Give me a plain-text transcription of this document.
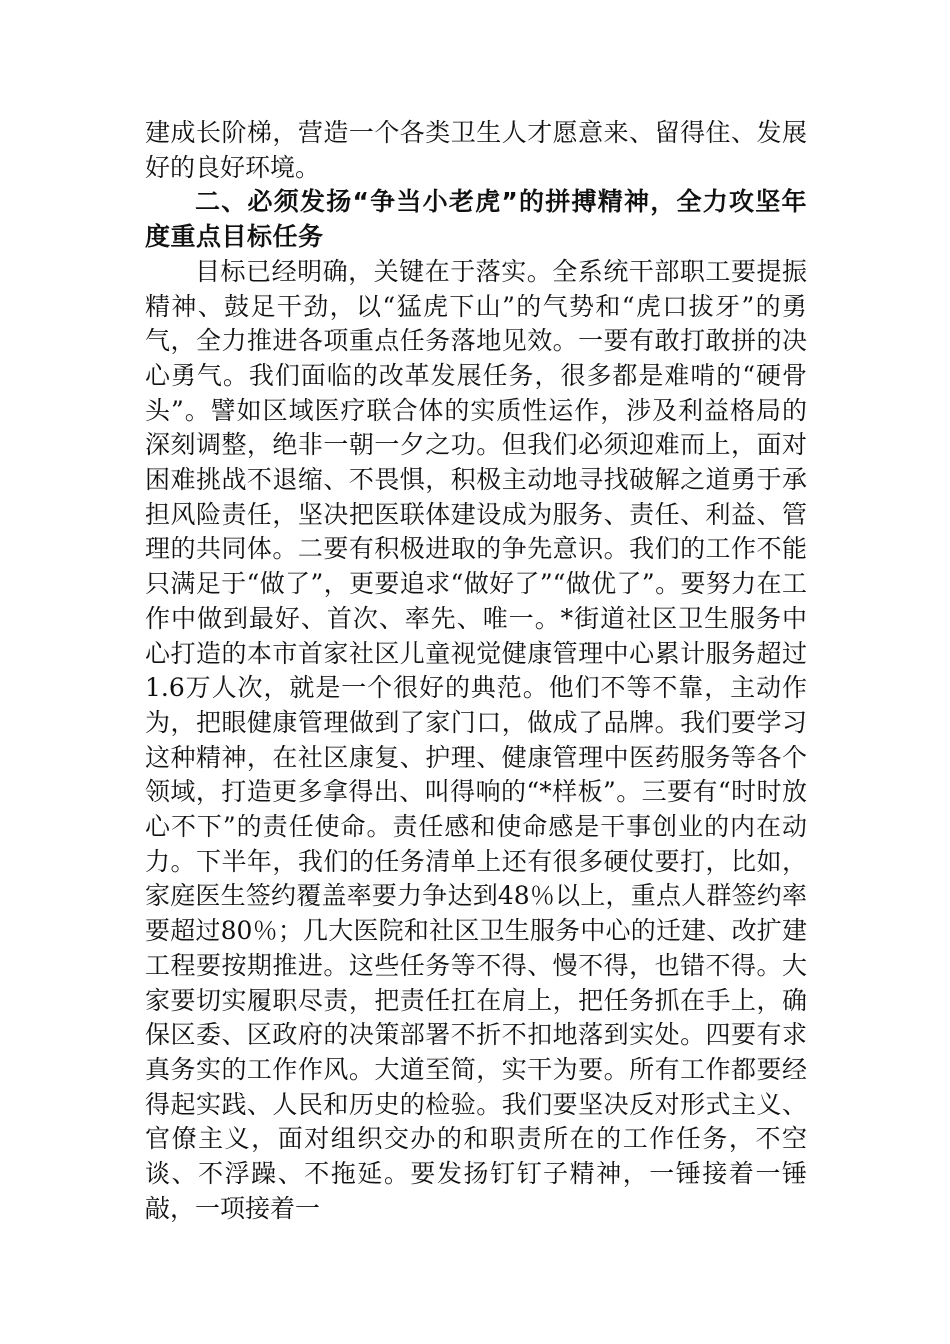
建成长阶梯，营造一个各类卫生人才愿意来、留得住、发展好的良好环境。

二、必须发扬“争当小老虎”的拼搏精神，全力攻坚年度重点目标任务

目标已经明确，关键在于落实。全系统干部职工要提振精神、鼓足干劲，以“猛虎下山”的气势和“虎口拔牙”的勇气，全力推进各项重点任务落地见效。一要有敢打敢拼的决心勇气。我们面临的改革发展任务，很多都是难啃的“硬骨头”。譬如区域医疗联合体的实质性运作，涉及利益格局的深刻调整，绝非一朝一夕之功。但我们必须迎难而上，面对困难挑战不退缩、不畏惧，积极主动地寻找破解之道勇于承担风险责任，坚决把医联体建设成为服务、责任、利益、管理的共同体。二要有积极进取的争先意识。我们的工作不能只满足于“做了”，更要追求“做好了”“做优了”。要努力在工作中做到最好、首次、率先、唯一。*街道社区卫生服务中心打造的本市首家社区儿童视觉健康管理中心累计服务超过1.6万人次，就是一个很好的典范。他们不等不靠，主动作为，把眼健康管理做到了家门口，做成了品牌。我们要学习这种精神，在社区康复、护理、健康管理中医药服务等各个领域，打造更多拿得出、叫得响的“*样板”。三要有“时时放心不下”的责任使命。责任感和使命感是干事创业的内在动力。下半年，我们的任务清单上还有很多硬仗要打，比如，家庭医生签约覆盖率要力争达到48％以上，重点人群签约率要超过80％；几大医院和社区卫生服务中心的迁建、改扩建工程要按期推进。这些任务等不得、慢不得，也错不得。大家要切实履职尽责，把责任扛在肩上，把任务抓在手上，确保区委、区政府的决策部署不折不扣地落到实处。四要有求真务实的工作作风。大道至简，实干为要。所有工作都要经得起实践、人民和历史的检验。我们要坚决反对形式主义、官僚主义，面对组织交办的和职责所在的工作任务，不空谈、不浮躁、不拖延。要发扬钉钉子精神，一锤接着一锤敲，一项接着一
